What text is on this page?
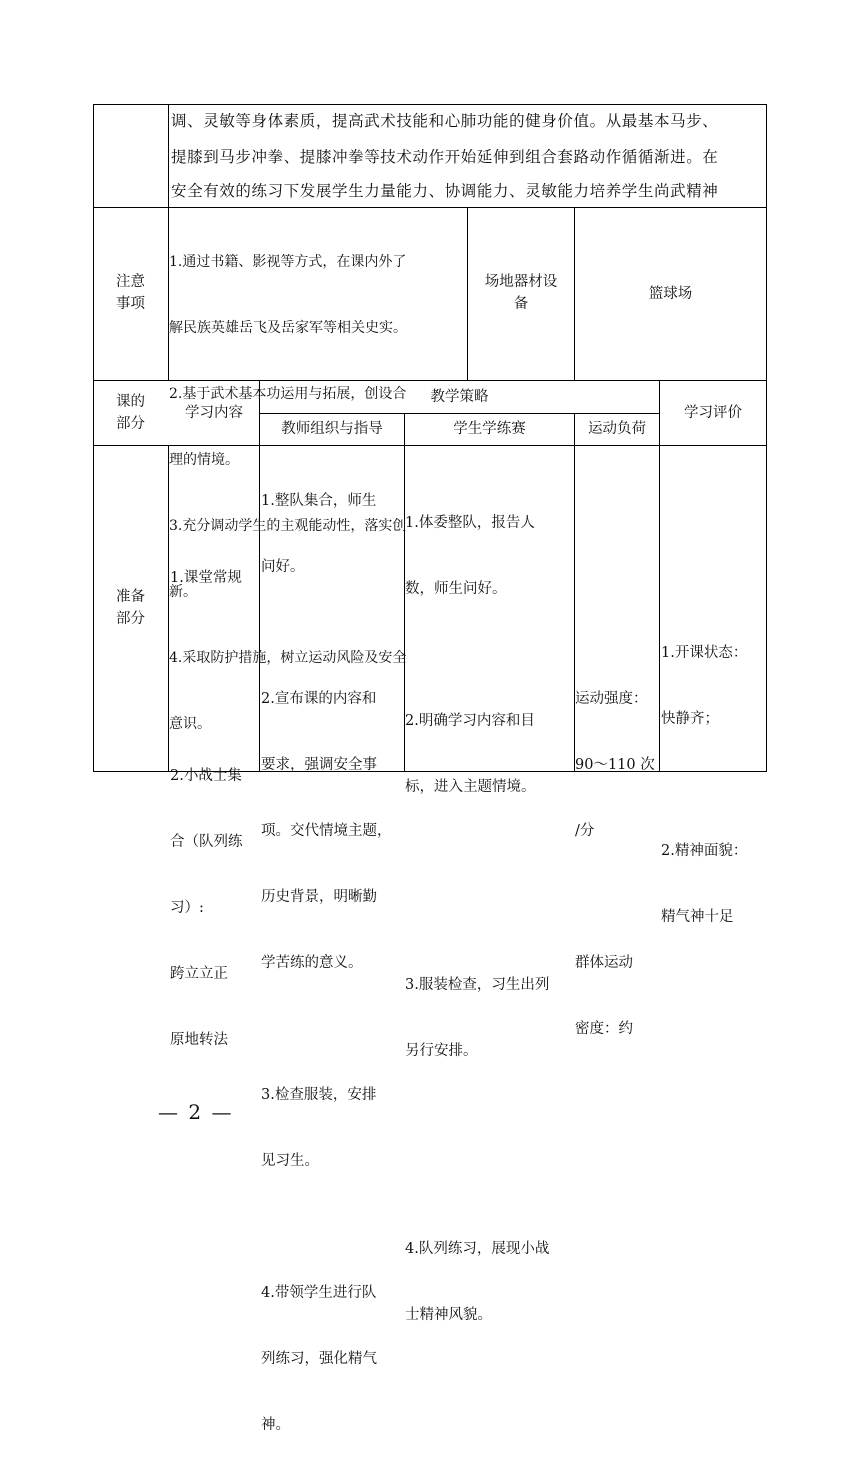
调、灵敏等身体素质，提高武术技能和心肺功能的健身价值。从最基本马步、
提膝到马步冲拳、提膝冲拳等技术动作开始延伸到组合套路动作循循渐进。在
安全有效的练习下发展学生力量能力、协调能力、灵敏能力培养学生尚武精神
注意
事项

1.通过书籍、影视等方式，在课内外了

解民族英雄岳飞及岳家军等相关史实。

2.基于武术基本功运用与拓展，创设合

理的情境。

3.充分调动学生的主观能动性，落实创

新。

4.采取防护措施，树立运动风险及安全

意识。

场地器材设
备
篮球场
课的
部分
学习内容
教学策略
教师组织与指导	学生学练赛	运动负荷
学习评价
准备
部分

1.课堂常规

2.小战士集

合（队列练

习）:

跨立立正

原地转法

1.整队集合，师生

问好。

2.宣布课的内容和

要求，强调安全事

项。交代情境主题，

历史背景，明晰勤

学苦练的意义。

3.检查服装，安排

见习生。

4.带领学生进行队

列练习，强化精气

神。

1.体委整队，报告人

数，师生问好。

2.明确学习内容和目

标，进入主题情境。

3.服装检查，习生出列

另行安排。

4.队列练习，展现小战

士精神风貌。

运动强度：

90～110 次

/分

群体运动

密度：约

1.开课状态：

快静齐；

2.精神面貌：

精气神十足

— 2 —
